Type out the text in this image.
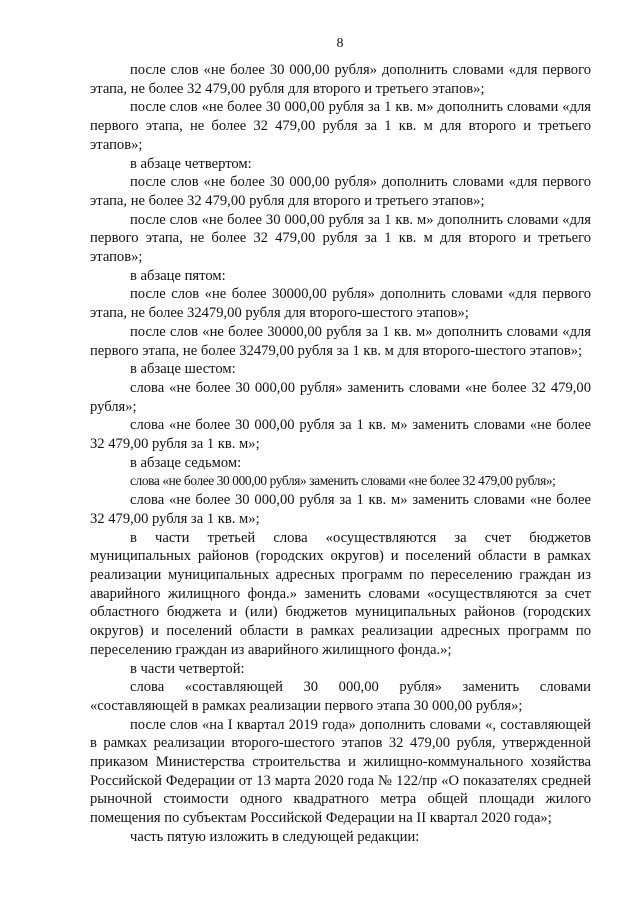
8

после слов «не более 30 000,00 рубля» дополнить словами «для первого этапа, не более 32 479,00 рубля для второго и третьего этапов»;

после слов «не более 30 000,00 рубля за 1 кв. м» дополнить словами «для первого этапа, не более 32 479,00 рубля за 1 кв. м для второго и третьего этапов»;

в абзаце четвертом:

после слов «не более 30 000,00 рубля» дополнить словами «для первого этапа, не более 32 479,00 рубля для второго и третьего этапов»;

после слов «не более 30 000,00 рубля за 1 кв. м» дополнить словами «для первого этапа, не более 32 479,00 рубля за 1 кв. м для второго и третьего этапов»;

в абзаце пятом:

после слов «не более 30000,00 рубля» дополнить словами «для первого этапа, не более 32479,00 рубля для второго-шестого этапов»;

после слов «не более 30000,00 рубля за 1 кв. м» дополнить словами «для первого этапа, не более 32479,00 рубля за 1 кв. м для второго-шестого этапов»;

в абзаце шестом:

слова «не более 30 000,00 рубля» заменить словами «не более 32 479,00 рубля»;

слова «не более 30 000,00 рубля за 1 кв. м» заменить словами «не более 32 479,00 рубля за 1 кв. м»;

в абзаце седьмом:

слова «не более 30 000,00 рубля» заменить словами «не более 32 479,00 рубля»;

слова «не более 30 000,00 рубля за 1 кв. м» заменить словами «не более 32 479,00 рубля за 1 кв. м»;

в части третьей слова «осуществляются за счет бюджетов муниципальных районов (городских округов) и поселений области в рамках реализации муниципальных адресных программ по переселению граждан из аварийного жилищного фонда.» заменить словами «осуществляются за счет областного бюджета и (или) бюджетов муниципальных районов (городских округов) и поселений области в рамках реализации адресных программ по переселению граждан из аварийного жилищного фонда.»;

в части четвертой:

слова «составляющей 30 000,00 рубля» заменить словами «составляющей в рамках реализации первого этапа 30 000,00 рубля»;

после слов «на I квартал 2019 года» дополнить словами «, составляющей в рамках реализации второго-шестого этапов 32 479,00 рубля, утвержденной приказом Министерства строительства и жилищно-коммунального хозяйства Российской Федерации от 13 марта 2020 года № 122/пр «О показателях средней рыночной стоимости одного квадратного метра общей площади жилого помещения по субъектам Российской Федерации на II квартал 2020 года»;

часть пятую изложить в следующей редакции:
